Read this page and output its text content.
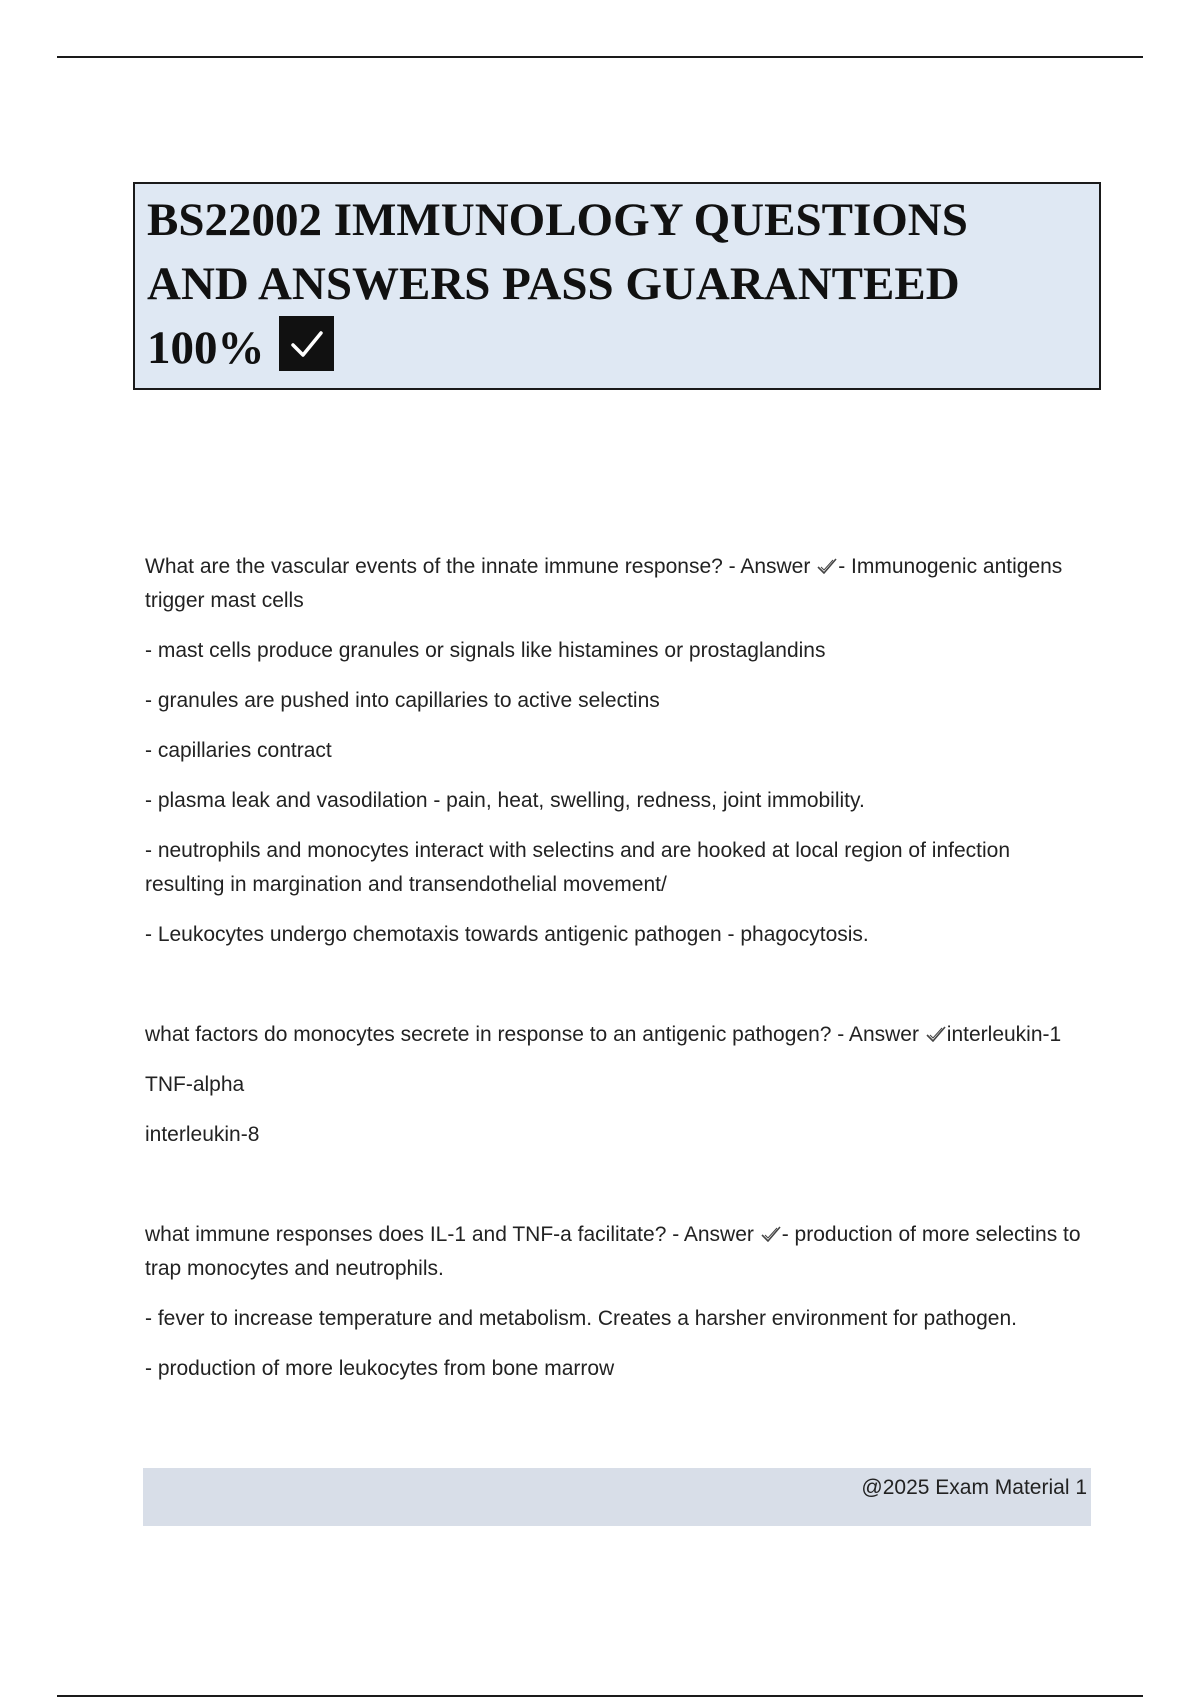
BS22002 IMMUNOLOGY QUESTIONS

AND ANSWERS PASS GUARANTEED

100%

What are the vascular events of the innate immune response? - Answer - Immunogenic antigens trigger mast cells

- mast cells produce granules or signals like histamines or prostaglandins

- granules are pushed into capillaries to active selectins

- capillaries contract

- plasma leak and vasodilation - pain, heat, swelling, redness, joint immobility.

- neutrophils and monocytes interact with selectins and are hooked at local region of infection resulting in margination and transendothelial movement/

- Leukocytes undergo chemotaxis towards antigenic pathogen - phagocytosis.

what factors do monocytes secrete in response to an antigenic pathogen? - Answer interleukin-1

TNF-alpha

interleukin-8

what immune responses does IL-1 and TNF-a facilitate? - Answer - production of more selectins to trap monocytes and neutrophils.

- fever to increase temperature and metabolism. Creates a harsher environment for pathogen.

- production of more leukocytes from bone marrow

@2025 Exam Material 1
